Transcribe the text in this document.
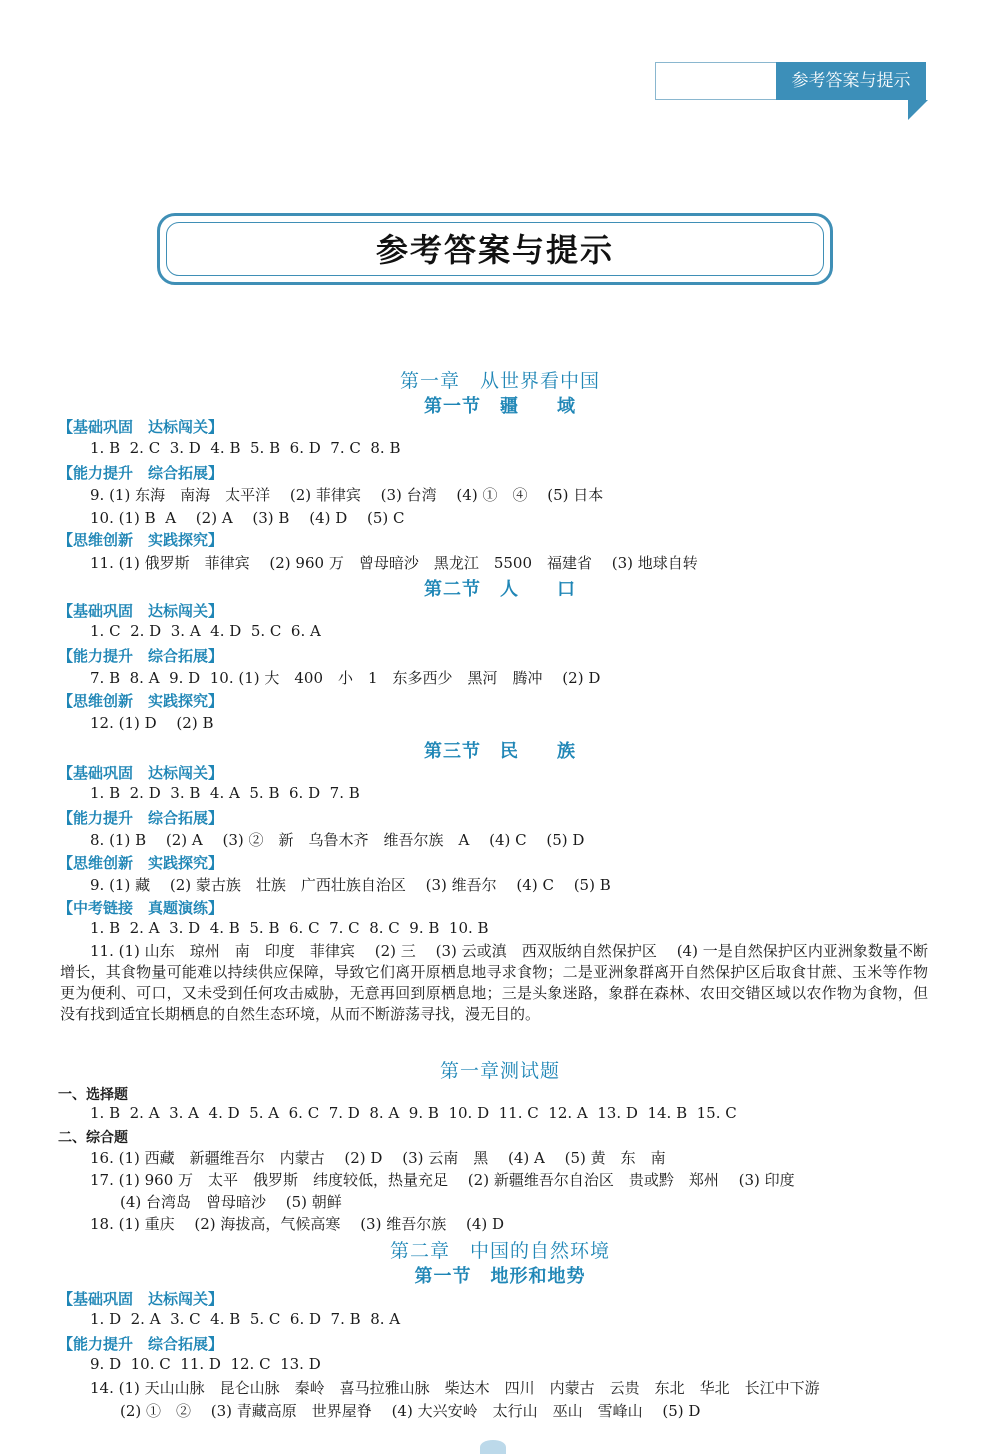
参考答案与提示
参考答案与提示
第一章　从世界看中国
第一节　疆　　域
【基础巩固　达标闯关】
1. B  2. C  3. D  4. B  5. B  6. D  7. C  8. B
【能力提升　综合拓展】
9. (1) 东海　南海　太平洋　 (2) 菲律宾　 (3) 台湾　 (4) ①　④　 (5) 日本
10. (1) B  A　 (2) A　 (3) B　 (4) D　 (5) C
【思维创新　实践探究】
11. (1) 俄罗斯　菲律宾　 (2) 960 万　曾母暗沙　黑龙江　5500　福建省　 (3) 地球自转
第二节　人　　口
【基础巩固　达标闯关】
1. C  2. D  3. A  4. D  5. C  6. A
【能力提升　综合拓展】
7. B  8. A  9. D  10. (1) 大　400　小　1　东多西少　黑河　腾冲　 (2) D
【思维创新　实践探究】
12. (1) D　 (2) B
第三节　民　　族
【基础巩固　达标闯关】
1. B  2. D  3. B  4. A  5. B  6. D  7. B
【能力提升　综合拓展】
8. (1) B　 (2) A　 (3) ②　新　乌鲁木齐　维吾尔族　A　 (4) C　 (5) D
【思维创新　实践探究】
9. (1) 藏　 (2) 蒙古族　壮族　广西壮族自治区　 (3) 维吾尔　 (4) C　 (5) B
【中考链接　真题演练】
1. B  2. A  3. D  4. B  5. B  6. C  7. C  8. C  9. B  10. B
11. (1) 山东　琼州　南　印度　菲律宾　 (2) 三　 (3) 云或滇　西双版纳自然保护区　 (4) 一是自然保护区内亚洲象数量不断增长，其食物量可能难以持续供应保障，导致它们离开原栖息地寻求食物；二是亚洲象群离开自然保护区后取食甘蔗、玉米等作物更为便利、可口，又未受到任何攻击威胁，无意再回到原栖息地；三是头象迷路，象群在森林、农田交错区域以农作物为食物，但没有找到适宜长期栖息的自然生态环境，从而不断游荡寻找，漫无目的。
第一章测试题
一、选择题
1. B  2. A  3. A  4. D  5. A  6. C  7. D  8. A  9. B  10. D  11. C  12. A  13. D  14. B  15. C
二、综合题
16. (1) 西藏　新疆维吾尔　内蒙古　 (2) D　 (3) 云南　黑　 (4) A　 (5) 黄　东　南
17. (1) 960 万　太平　俄罗斯　纬度较低，热量充足　 (2) 新疆维吾尔自治区　贵或黔　郑州　 (3) 印度
(4) 台湾岛　曾母暗沙　 (5) 朝鲜
18. (1) 重庆　 (2) 海拔高，气候高寒　 (3) 维吾尔族　 (4) D
第二章　中国的自然环境
第一节　地形和地势
【基础巩固　达标闯关】
1. D  2. A  3. C  4. B  5. C  6. D  7. B  8. A
【能力提升　综合拓展】
9. D  10. C  11. D  12. C  13. D
14. (1) 天山山脉　昆仑山脉　秦岭　喜马拉雅山脉　柴达木　四川　内蒙古　云贵　东北　华北　长江中下游
(2) ①　②　 (3) 青藏高原　世界屋脊　 (4) 大兴安岭　太行山　巫山　雪峰山　 (5) D
